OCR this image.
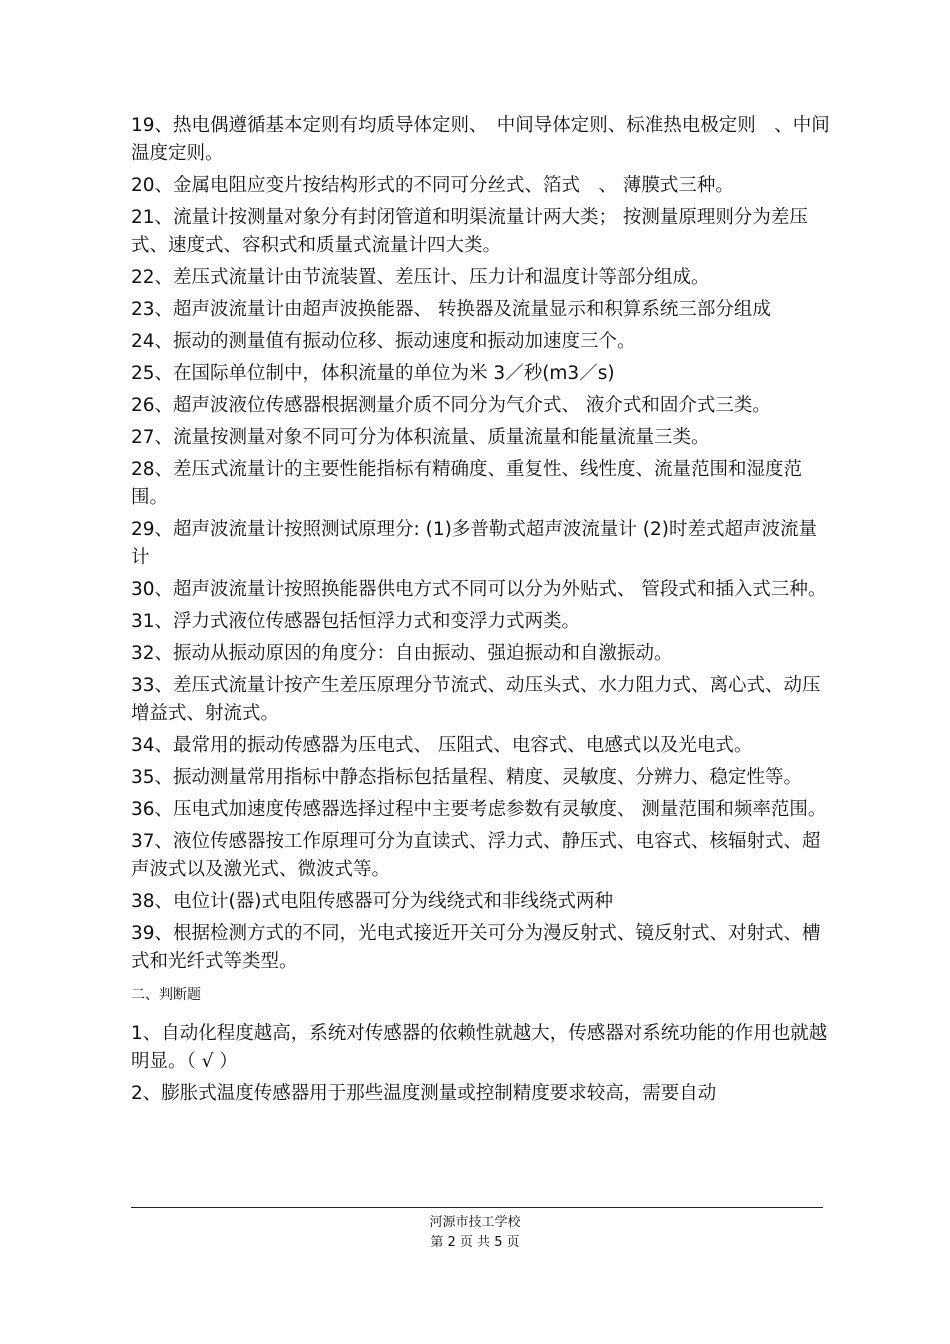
19、热电偶遵循基本定则有均质导体定则、　中间导体定则、标准热电极定则　、中间温度定则。

20、金属电阻应变片按结构形式的不同可分丝式、箔式　、 薄膜式三种。

21、流量计按测量对象分有封闭管道和明渠流量计两大类； 按测量原理则分为差压式、速度式、容积式和质量式流量计四大类。

22、差压式流量计由节流装置、差压计、压力计和温度计等部分组成。

23、超声波流量计由超声波换能器、 转换器及流量显示和积算系统三部分组成

24、振动的测量值有振动位移、振动速度和振动加速度三个。

25、在国际单位制中，体积流量的单位为米 3／秒(m3／s)

26、超声波液位传感器根据测量介质不同分为气介式、 液介式和固介式三类。

27、流量按测量对象不同可分为体积流量、质量流量和能量流量三类。

28、差压式流量计的主要性能指标有精确度、重复性、线性度、流量范围和湿度范围。

29、超声波流量计按照测试原理分: (1)多普勒式超声波流量计 (2)时差式超声波流量计

30、超声波流量计按照换能器供电方式不同可以分为外贴式、 管段式和插入式三种。

31、浮力式液位传感器包括恒浮力式和变浮力式两类。

32、振动从振动原因的角度分：自由振动、强迫振动和自激振动。

33、差压式流量计按产生差压原理分节流式、动压头式、水力阻力式、离心式、动压增益式、射流式。

34、最常用的振动传感器为压电式、 压阻式、电容式、电感式以及光电式。

35、振动测量常用指标中静态指标包括量程、精度、灵敏度、分辨力、稳定性等。

36、压电式加速度传感器选择过程中主要考虑参数有灵敏度、 测量范围和频率范围。

37、液位传感器按工作原理可分为直读式、浮力式、静压式、电容式、核辐射式、超声波式以及激光式、微波式等。

38、电位计(器)式电阻传感器可分为线绕式和非线绕式两种

39、根据检测方式的不同，光电式接近开关可分为漫反射式、镜反射式、对射式、槽式和光纤式等类型。

二、判断题

1、自动化程度越高，系统对传感器的依赖性就越大，传感器对系统功能的作用也就越明显。（ √ ）

2、膨胀式温度传感器用于那些温度测量或控制精度要求较高，需要自动

河源市技工学校
第 2 页 共 5 页
